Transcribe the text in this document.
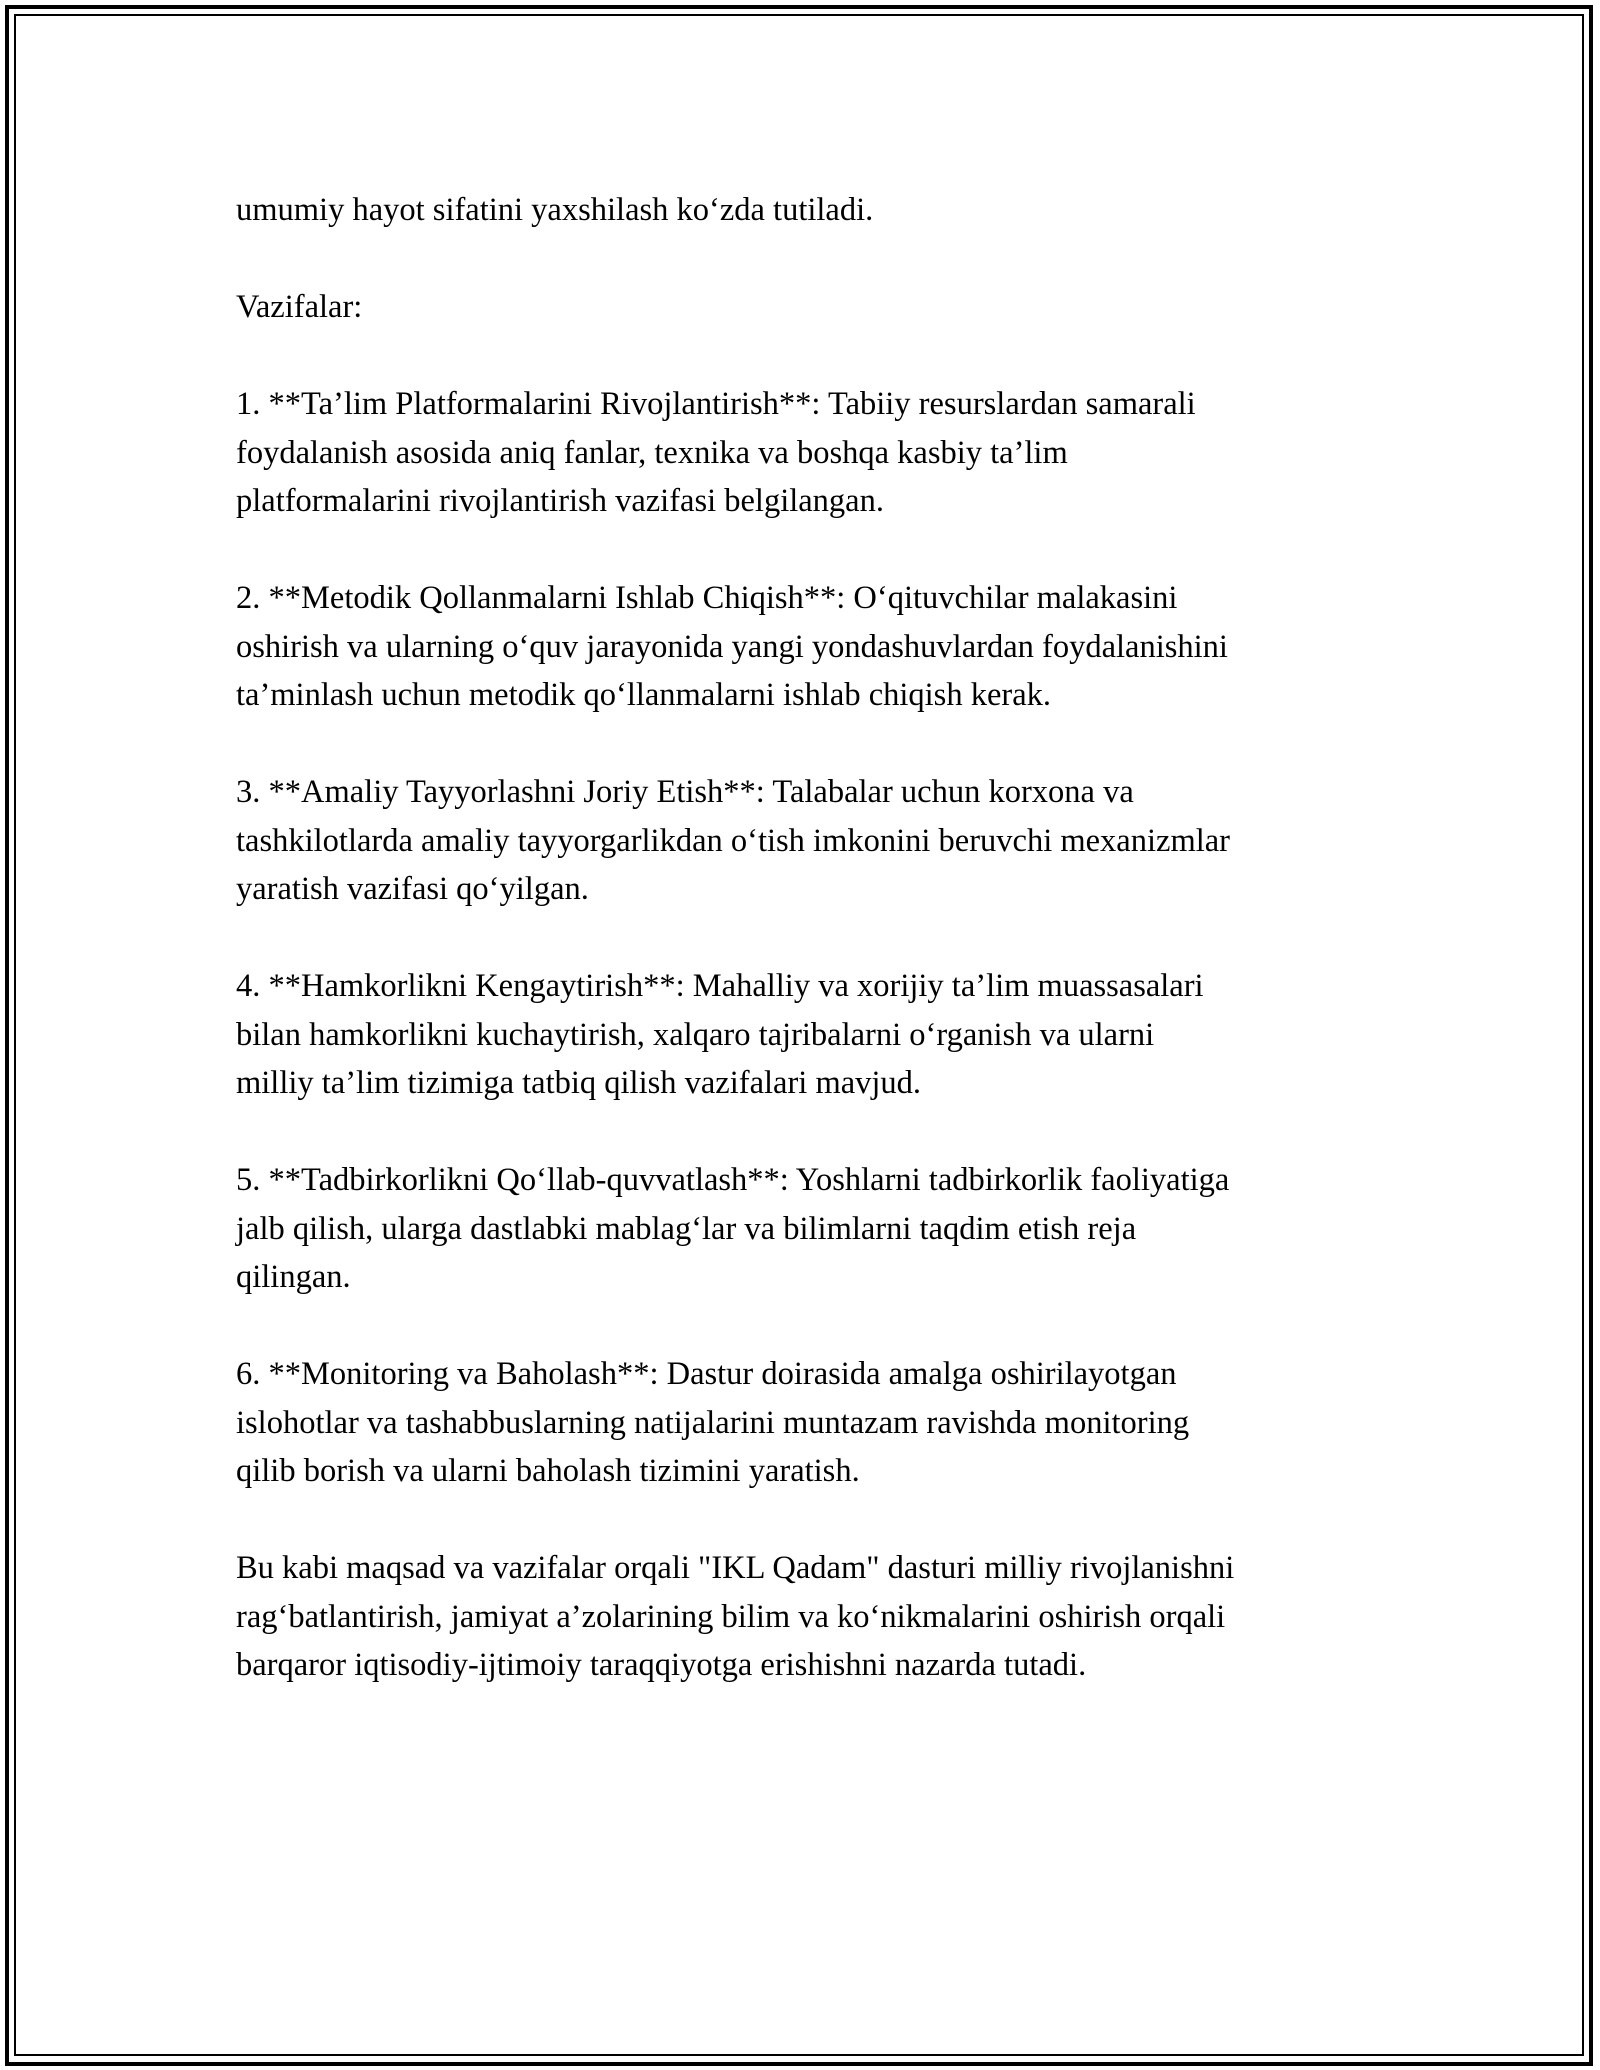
umumiy hayot sifatini yaxshilash ko‘zda tutiladi.

Vazifalar:

1. **Ta’lim Platformalarini Rivojlantirish**: Tabiiy resurslardan samarali
foydalanish asosida aniq fanlar, texnika va boshqa kasbiy ta’lim
platformalarini rivojlantirish vazifasi belgilangan.

2. **Metodik Qollanmalarni Ishlab Chiqish**: O‘qituvchilar malakasini
oshirish va ularning o‘quv jarayonida yangi yondashuvlardan foydalanishini
ta’minlash uchun metodik qo‘llanmalarni ishlab chiqish kerak.

3. **Amaliy Tayyorlashni Joriy Etish**: Talabalar uchun korxona va
tashkilotlarda amaliy tayyorgarlikdan o‘tish imkonini beruvchi mexanizmlar
yaratish vazifasi qo‘yilgan.

4. **Hamkorlikni Kengaytirish**: Mahalliy va xorijiy ta’lim muassasalari
bilan hamkorlikni kuchaytirish, xalqaro tajribalarni o‘rganish va ularni
milliy ta’lim tizimiga tatbiq qilish vazifalari mavjud.

5. **Tadbirkorlikni Qo‘llab-quvvatlash**: Yoshlarni tadbirkorlik faoliyatiga
jalb qilish, ularga dastlabki mablag‘lar va bilimlarni taqdim etish reja
qilingan.

6. **Monitoring va Baholash**: Dastur doirasida amalga oshirilayotgan
islohotlar va tashabbuslarning natijalarini muntazam ravishda monitoring
qilib borish va ularni baholash tizimini yaratish.

Bu kabi maqsad va vazifalar orqali "IKL Qadam" dasturi milliy rivojlanishni
rag‘batlantirish, jamiyat a’zolarining bilim va ko‘nikmalarini oshirish orqali
barqaror iqtisodiy-ijtimoiy taraqqiyotga erishishni nazarda tutadi.
